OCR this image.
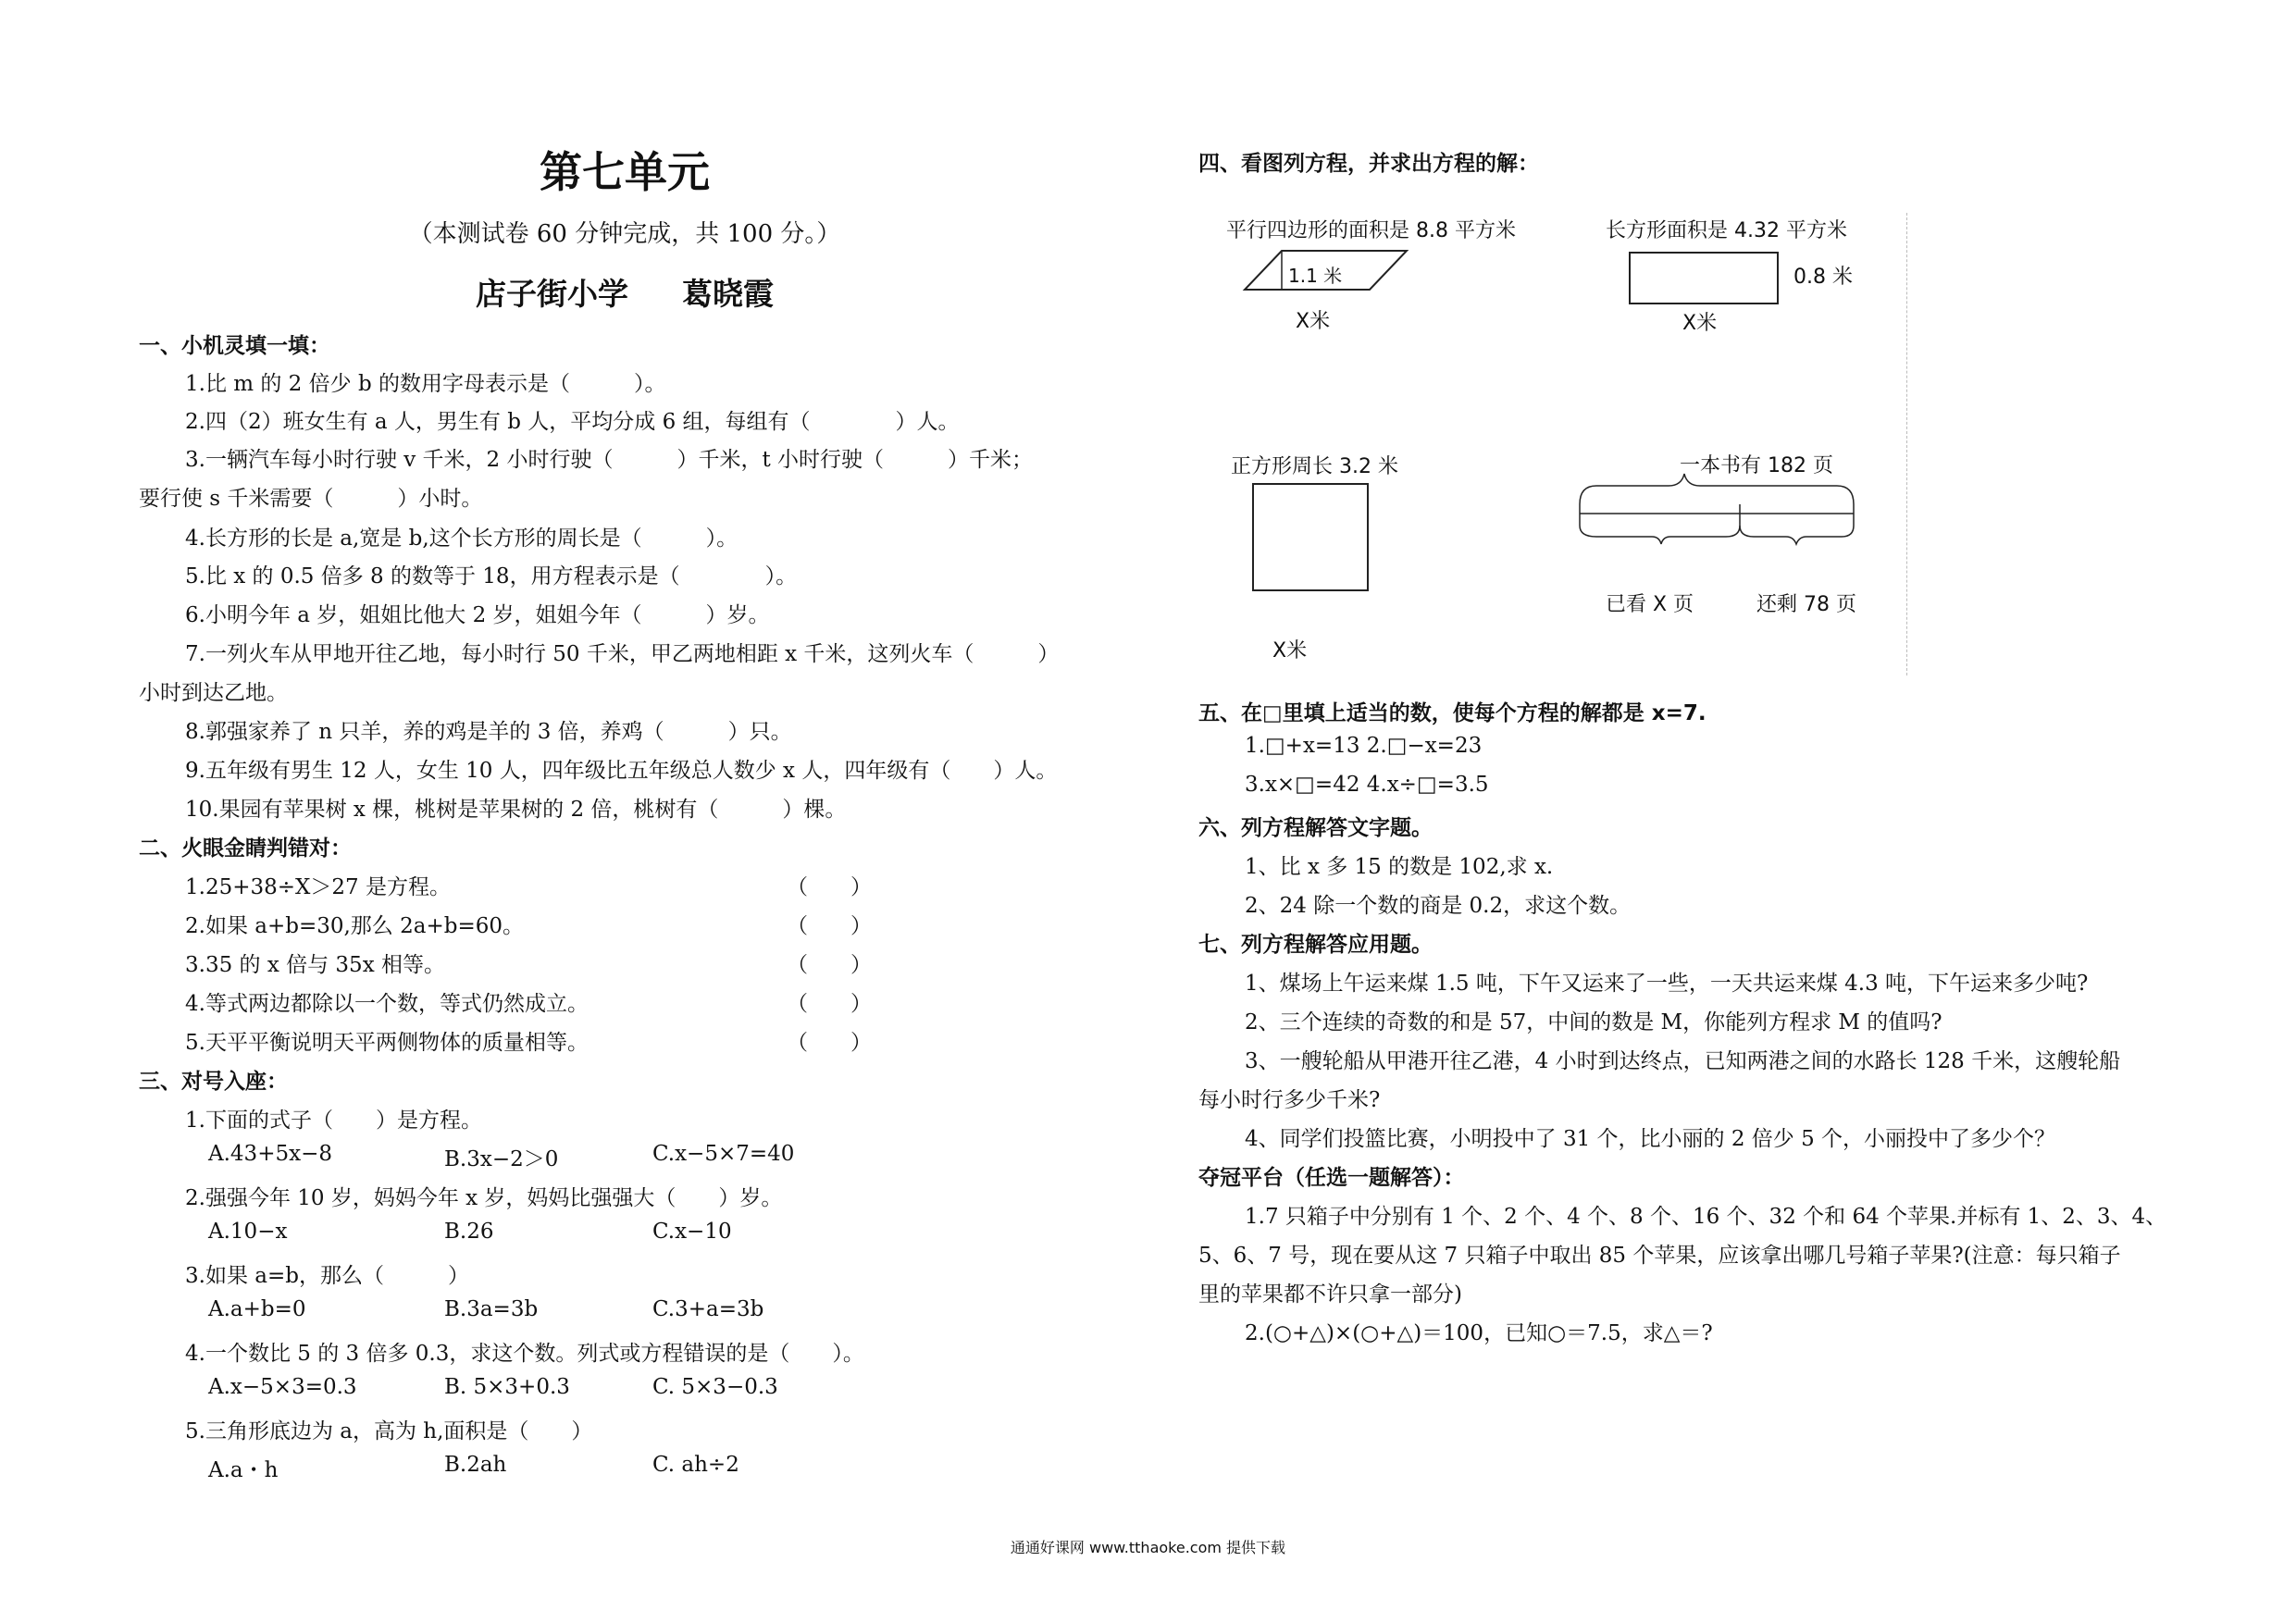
第七单元
（本测试卷 60 分钟完成，共 100 分。）
店子街小学 葛晓霞
一、小机灵填一填：
1.比 m 的 2 倍少 b 的数用字母表示是（　　　）。
2.四（2）班女生有 a 人，男生有 b 人，平均分成 6 组，每组有（　　　　）人。
3.一辆汽车每小时行驶 v 千米，2 小时行驶（　　　）千米，t 小时行驶（　　　）千米；
要行使 s 千米需要（　　　）小时。
4.长方形的长是 a,宽是 b,这个长方形的周长是（　　　）。
5.比 x 的 0.5 倍多 8 的数等于 18，用方程表示是（　　　　）。
6.小明今年 a 岁，姐姐比他大 2 岁，姐姐今年（　　　）岁。
7.一列火车从甲地开往乙地，每小时行 50 千米，甲乙两地相距 x 千米，这列火车（　　　）
小时到达乙地。
8.郭强家养了 n 只羊，养的鸡是羊的 3 倍，养鸡（　　　）只。
9.五年级有男生 12 人，女生 10 人，四年级比五年级总人数少 x 人，四年级有（　　）人。
10.果园有苹果树 x 棵，桃树是苹果树的 2 倍，桃树有（　　　）棵。
二、火眼金睛判错对：
1.25+38÷X＞27 是方程。	（　　）
2.如果 a+b=30,那么 2a+b=60。	（　　）
3.35 的 x 倍与 35x 相等。	（　　）
4.等式两边都除以一个数，等式仍然成立。	（　　）
5.天平平衡说明天平两侧物体的质量相等。	（　　）
三、对号入座：
1.下面的式子（　　）是方程。
A.43+5x−8	B.3x−2＞0	C.x−5×7=40
2.强强今年 10 岁，妈妈今年 x 岁，妈妈比强强大（　　）岁。
A.10−x	B.26	C.x−10
3.如果 a=b，那么（　　　）
A.a+b=0	B.3a=3b	C.3+a=3b
4.一个数比 5 的 3 倍多 0.3，求这个数。列式或方程错误的是（　　）。
A.x−5×3=0.3	B. 5×3+0.3	C. 5×3−0.3
5.三角形底边为 a，高为 h,面积是（　　）
A.a・h	B.2ah	C. ah÷2
四、看图列方程，并求出方程的解：
平行四边形的面积是 8.8 平方米
1.1 米
X米
长方形面积是 4.32 平方米
0.8 米
X米
正方形周长 3.2 米
X米
一本书有 182 页
已看 X 页	还剩 78 页
五、在□里填上适当的数，使每个方程的解都是 x=7.
1.□+x=13 2.□−x=23
3.x×□=42 4.x÷□=3.5
六、列方程解答文字题。
1、比 x 多 15 的数是 102,求 x.
2、24 除一个数的商是 0.2，求这个数。
七、列方程解答应用题。
1、煤场上午运来煤 1.5 吨，下午又运来了一些，一天共运来煤 4.3 吨，下午运来多少吨?
2、三个连续的奇数的和是 57，中间的数是 M，你能列方程求 M 的值吗?
3、一艘轮船从甲港开往乙港，4 小时到达终点，已知两港之间的水路长 128 千米，这艘轮船
每小时行多少千米?
4、同学们投篮比赛，小明投中了 31 个，比小丽的 2 倍少 5 个，小丽投中了多少个？
夺冠平台（任选一题解答）：
1.7 只箱子中分别有 1 个、2 个、4 个、8 个、16 个、32 个和 64 个苹果.并标有 1、2、3、4、
5、6、7 号，现在要从这 7 只箱子中取出 85 个苹果，应该拿出哪几号箱子苹果?(注意：每只箱子
里的苹果都不许只拿一部分)
2.(○+△)×(○+△)＝100，已知○＝7.5，求△＝?
通通好课网 www.tthaoke.com 提供下载
